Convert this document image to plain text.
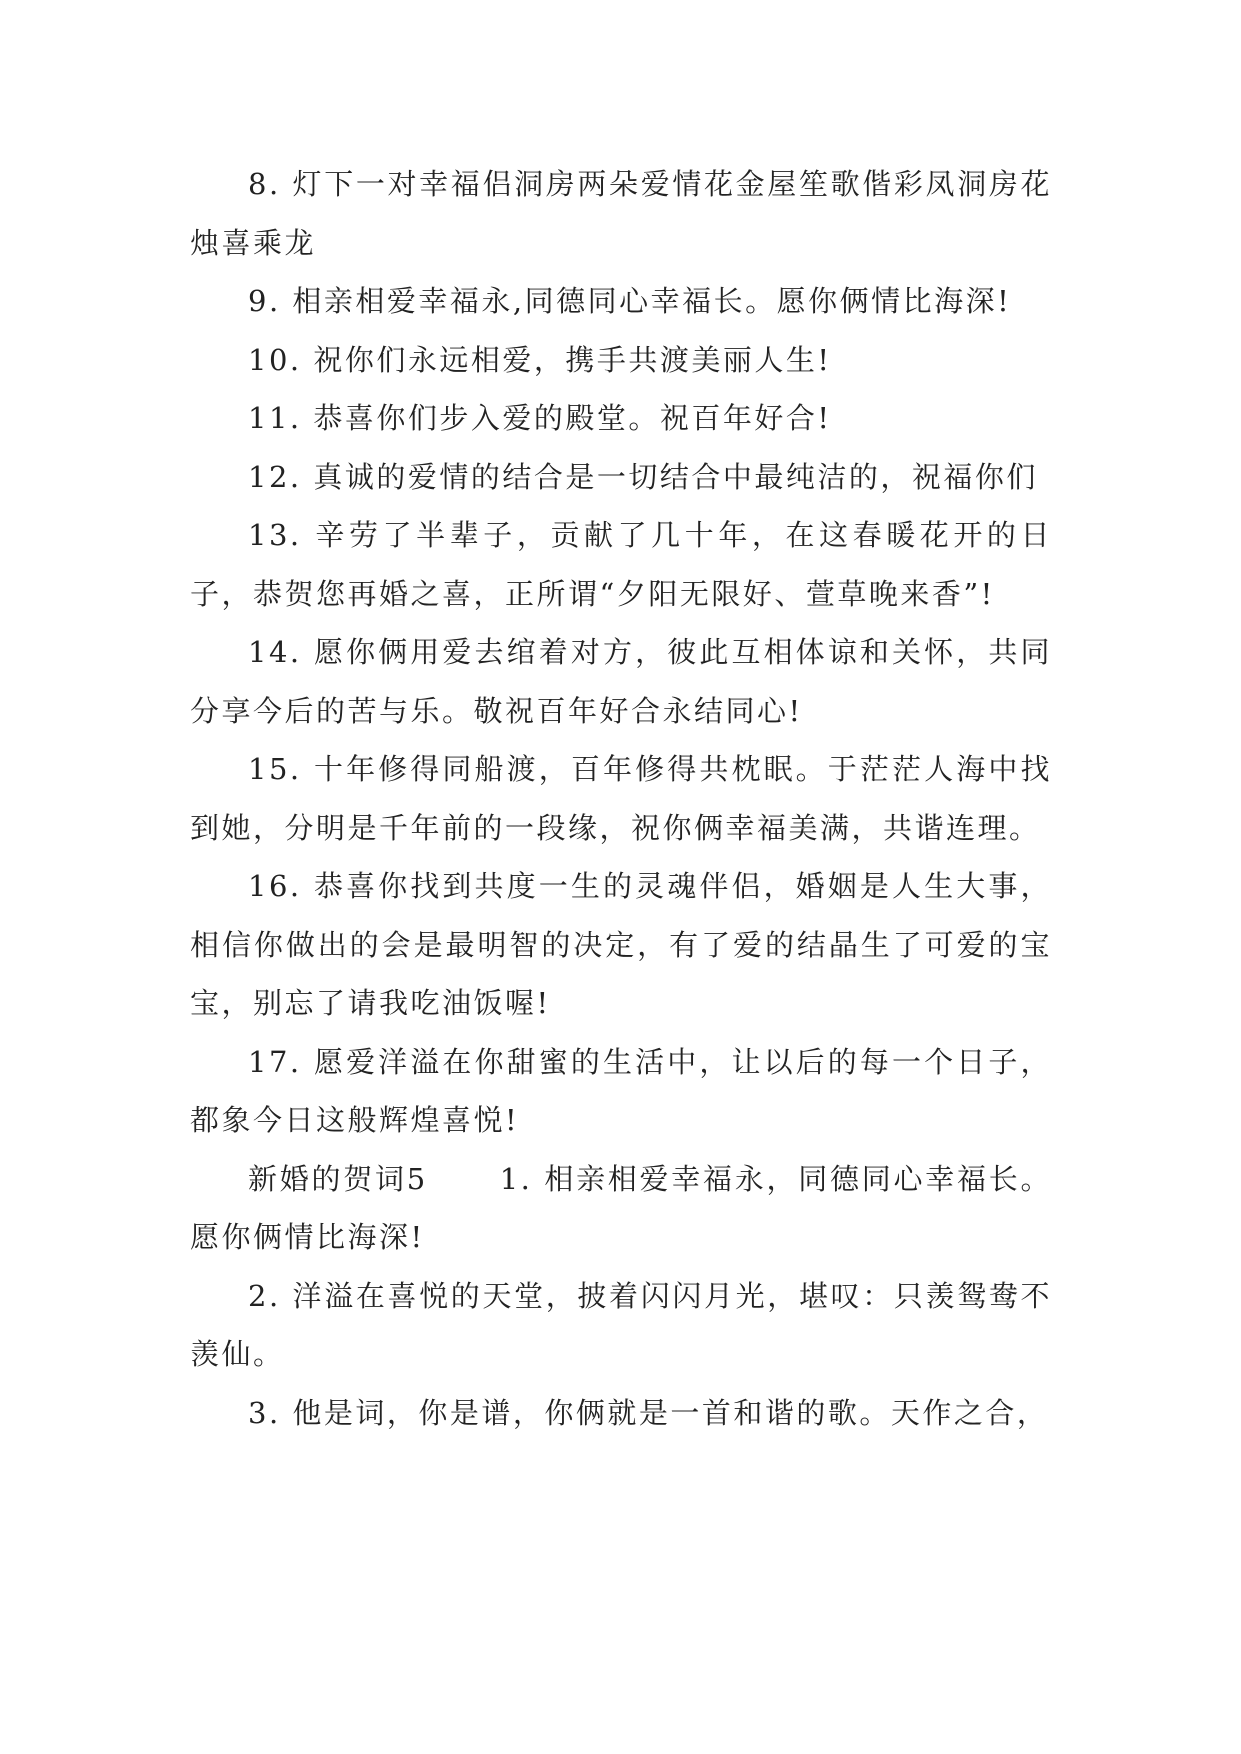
8. 灯下一对幸福侣洞房两朵爱情花金屋笙歌偕彩凤洞房花烛喜乘龙

9. 相亲相爱幸福永,同德同心幸福长。愿你俩情比海深!

10. 祝你们永远相爱，携手共渡美丽人生!

11. 恭喜你们步入爱的殿堂。祝百年好合!

12. 真诚的爱情的结合是一切结合中最纯洁的，祝福你们

13. 辛劳了半辈子，贡献了几十年，在这春暖花开的日子，恭贺您再婚之喜，正所谓“夕阳无限好、萱草晚来香”!

14. 愿你俩用爱去绾着对方，彼此互相体谅和关怀，共同分享今后的苦与乐。敬祝百年好合永结同心!

15. 十年修得同船渡，百年修得共枕眠。于茫茫人海中找到她，分明是千年前的一段缘，祝你俩幸福美满，共谐连理。

16. 恭喜你找到共度一生的灵魂伴侣，婚姻是人生大事，相信你做出的会是最明智的决定，有了爱的结晶生了可爱的宝宝，别忘了请我吃油饭喔!

17. 愿爱洋溢在你甜蜜的生活中，让以后的每一个日子，都象今日这般辉煌喜悦!

新婚的贺词5 1. 相亲相爱幸福永，同德同心幸福长。愿你俩情比海深!

2. 洋溢在喜悦的天堂，披着闪闪月光，堪叹：只羡鸳鸯不羡仙。

3. 他是词，你是谱，你俩就是一首和谐的歌。天作之合，
